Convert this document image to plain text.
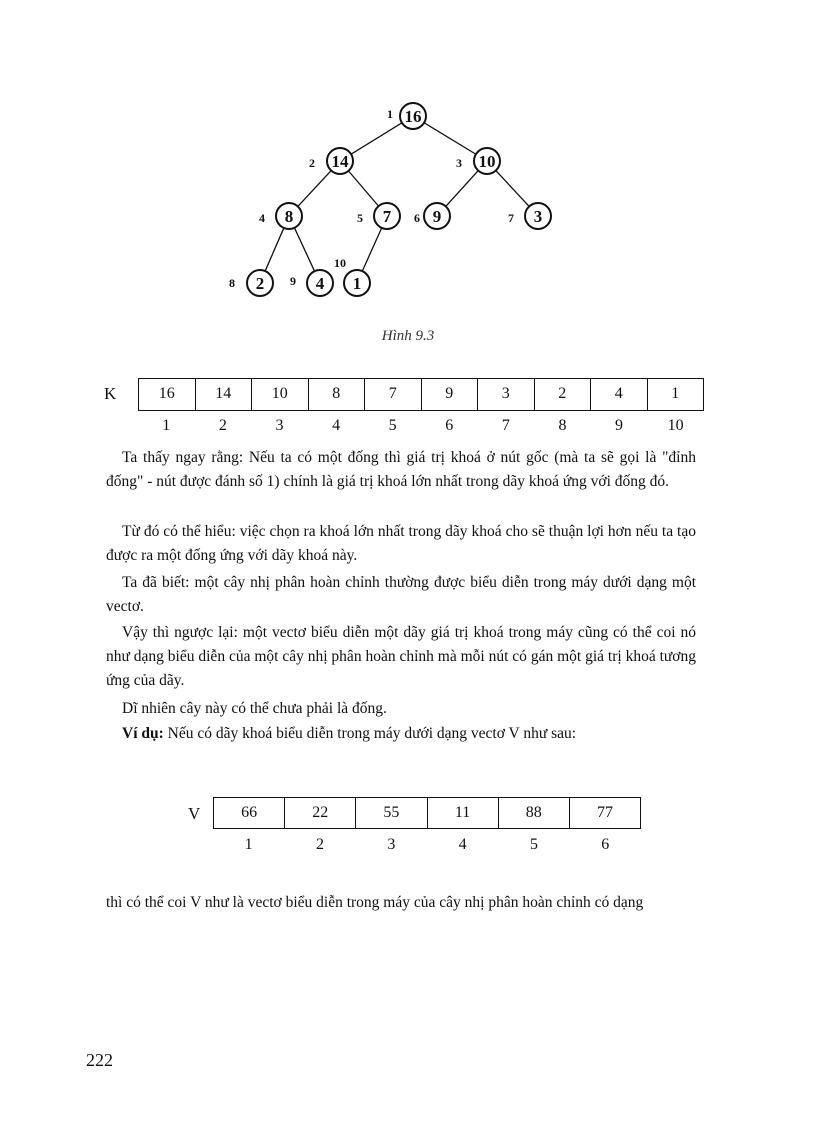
16
1
14
2	10
3
8
4	7
5	9
6	3
7
2
8	4
9	1
10
Hình 9.3
K	16	14	10	8	7	9	3	2	4	1
1	2	3	4	5	6	7	8	9	10

Ta thấy ngay rằng: Nếu ta có một đống thì giá trị khoá ở nút gốc (mà ta sẽ gọi là "đỉnh đống" - nút được đánh số 1) chính là giá trị khoá lớn nhất trong dãy khoá ứng với đống đó.

Từ đó có thể hiểu: việc chọn ra khoá lớn nhất trong dãy khoá cho sẽ thuận lợi hơn nếu ta tạo được ra một đống ứng với dãy khoá này.

Ta đã biết: một cây nhị phân hoàn chỉnh thường được biểu diễn trong máy dưới dạng một vectơ.

Vậy thì ngược lại: một vectơ biểu diễn một dãy giá trị khoá trong máy cũng có thể coi nó như dạng biểu diễn của một cây nhị phân hoàn chỉnh mà mỗi nút có gán một giá trị khoá tương ứng của dãy.

Dĩ nhiên cây này có thể chưa phải là đống.

Ví dụ: Nếu có dãy khoá biểu diễn trong máy dưới dạng vectơ V như sau:

V	66	22	55	11	88	77
1	2	3	4	5	6

thì có thể coi V như là vectơ biểu diễn trong máy của cây nhị phân hoàn chỉnh có dạng

222
